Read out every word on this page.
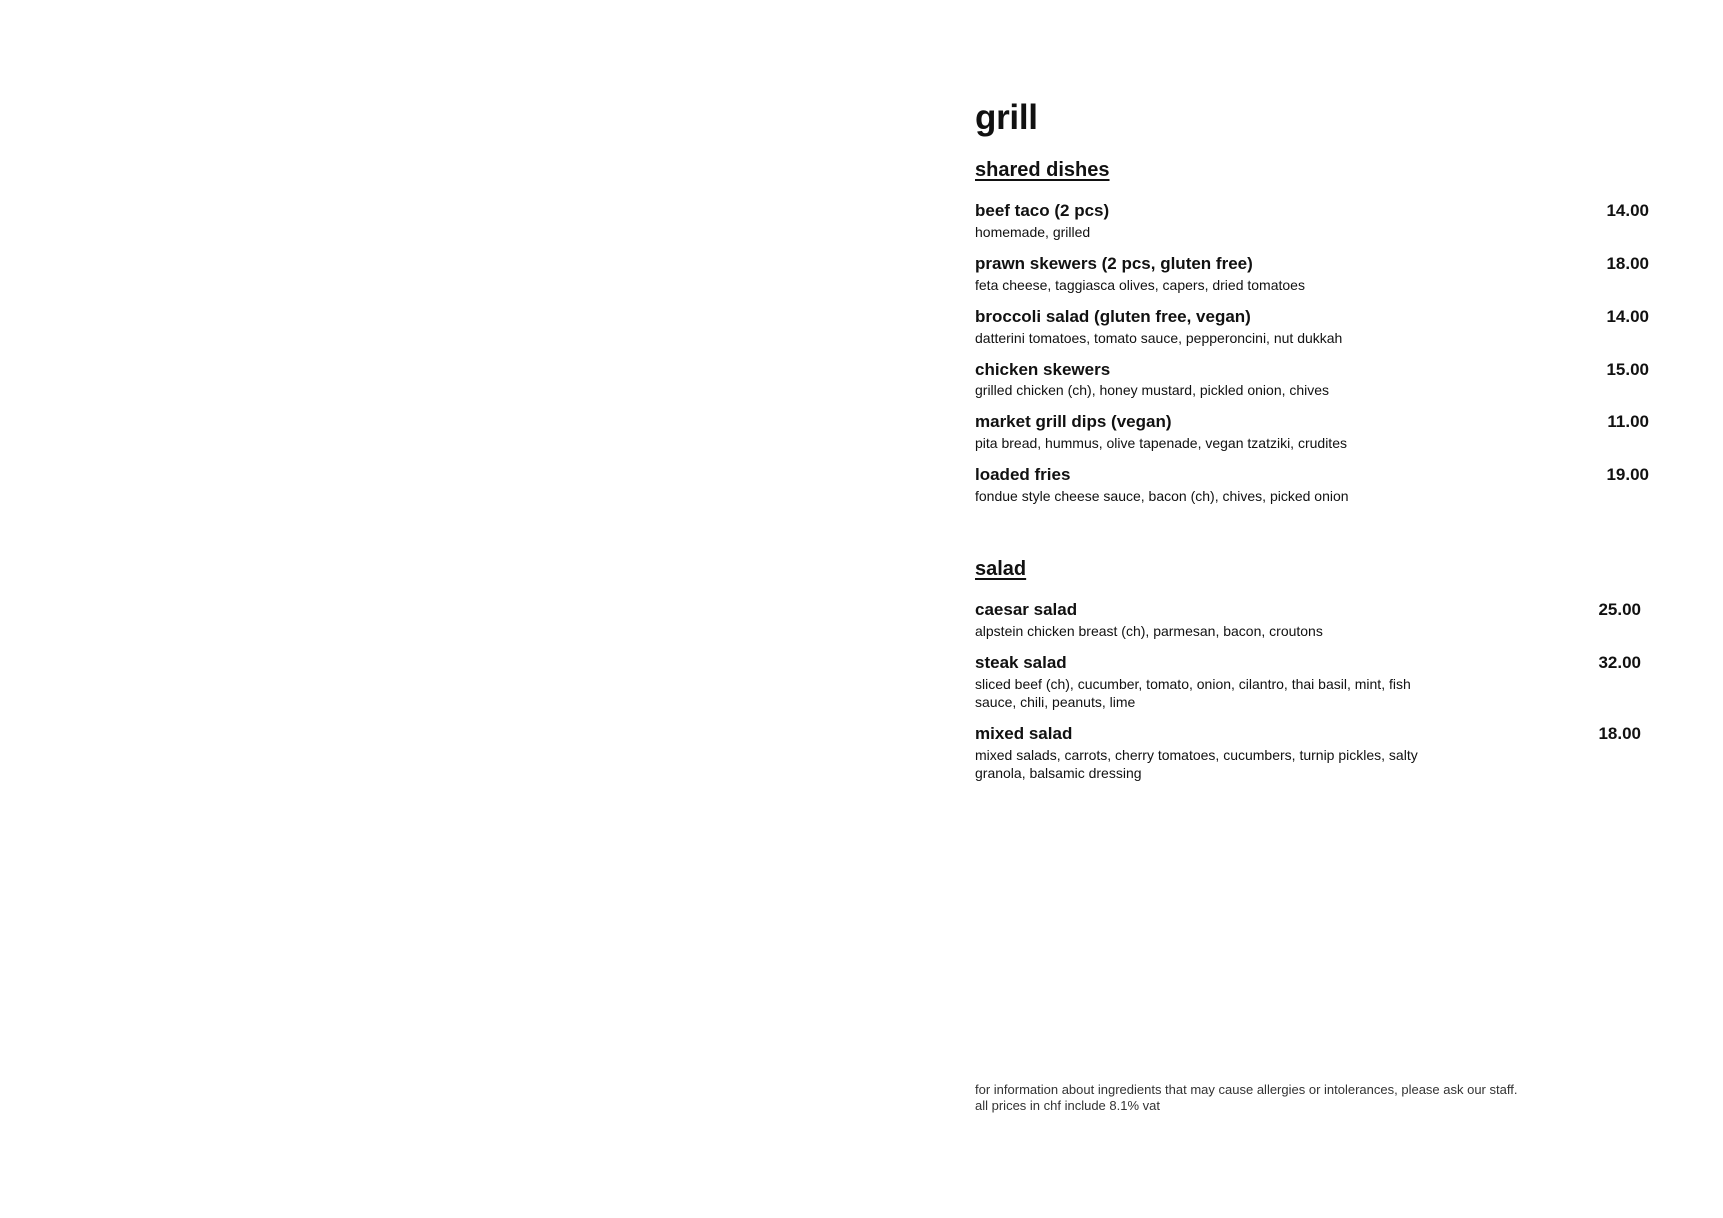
grill
shared dishes
beef taco (2 pcs)	14.00
homemade, grilled
prawn skewers (2 pcs, gluten free)	18.00
feta cheese, taggiasca olives, capers, dried tomatoes
broccoli salad (gluten free, vegan)	14.00
datterini tomatoes, tomato sauce, pepperoncini, nut dukkah
chicken skewers	15.00
grilled chicken (ch), honey mustard, pickled onion, chives
market grill dips (vegan)	11.00
pita bread, hummus, olive tapenade, vegan tzatziki, crudites
loaded fries	19.00
fondue style cheese sauce, bacon (ch), chives, picked onion
salad
caesar salad	25.00
alpstein chicken breast (ch), parmesan, bacon, croutons
steak salad	32.00
sliced beef (ch), cucumber, tomato, onion, cilantro, thai basil, mint, fish sauce, chili, peanuts, lime
mixed salad	18.00
mixed salads, carrots, cherry tomatoes, cucumbers, turnip pickles, salty granola, balsamic dressing
for information about ingredients that may cause allergies or intolerances, please ask our staff.
all prices in chf include 8.1% vat
